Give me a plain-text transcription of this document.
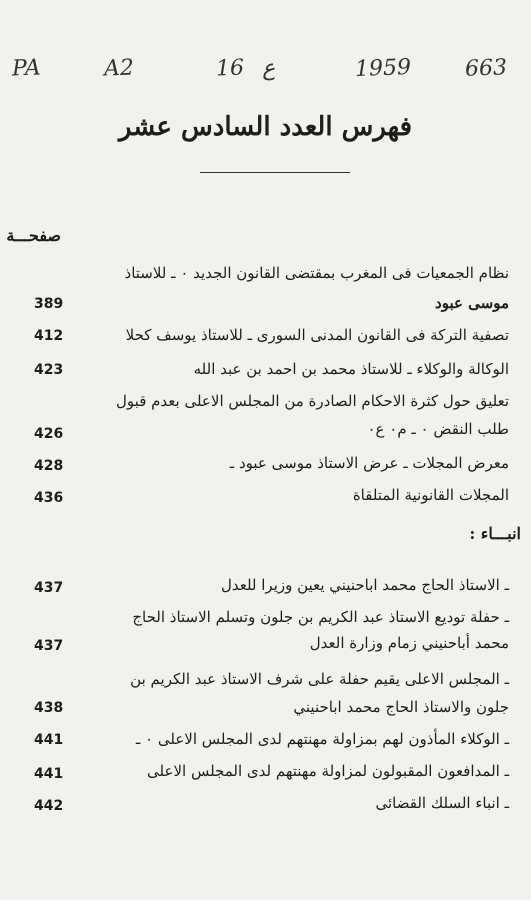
PA	A2	16 ع	1959 663
فهرس العدد السادس عشر
صفحـــة
نظام الجمعيات فى المغرب بمقتضى القانون الجديد ٠ ـ للاستاذ
موسى عبود
389
تصفية التركة فى القانون المدنى السورى ـ للاستاذ يوسف كحلا
412
الوكالة والوكلاء ـ للاستاذ محمد بن احمد بن عبد الله
423
تعليق حول كثرة الاحكام الصادرة من المجلس الاعلى بعدم قبول
طلب النقض ٠ ـ م٠ ع٠
426
معرض المجلات ـ عرض الاستاذ موسى عبود ـ
428
المجلات القانونية المتلقاة
436
انبـــاء :
ـ الاستاذ الحاج محمد اباحنيني يعين وزيرا للعدل
437
ـ حفلة توديع الاستاذ عبد الكريم بن جلون وتسلم الاستاذ الحاج
محمد أباحنيني زمام وزارة العدل
437
ـ المجلس الاعلى يقيم حفلة على شرف الاستاذ عبد الكريم بن
جلون والاستاذ الحاج محمد اباحنيني
438
ـ الوكلاء المأذون لهم بمزاولة مهنتهم لدى المجلس الاعلى ٠ ـ
441
ـ المدافعون المقبولون لمزاولة مهنتهم لدى المجلس الاعلى
441
ـ انباء السلك القضائى
442
